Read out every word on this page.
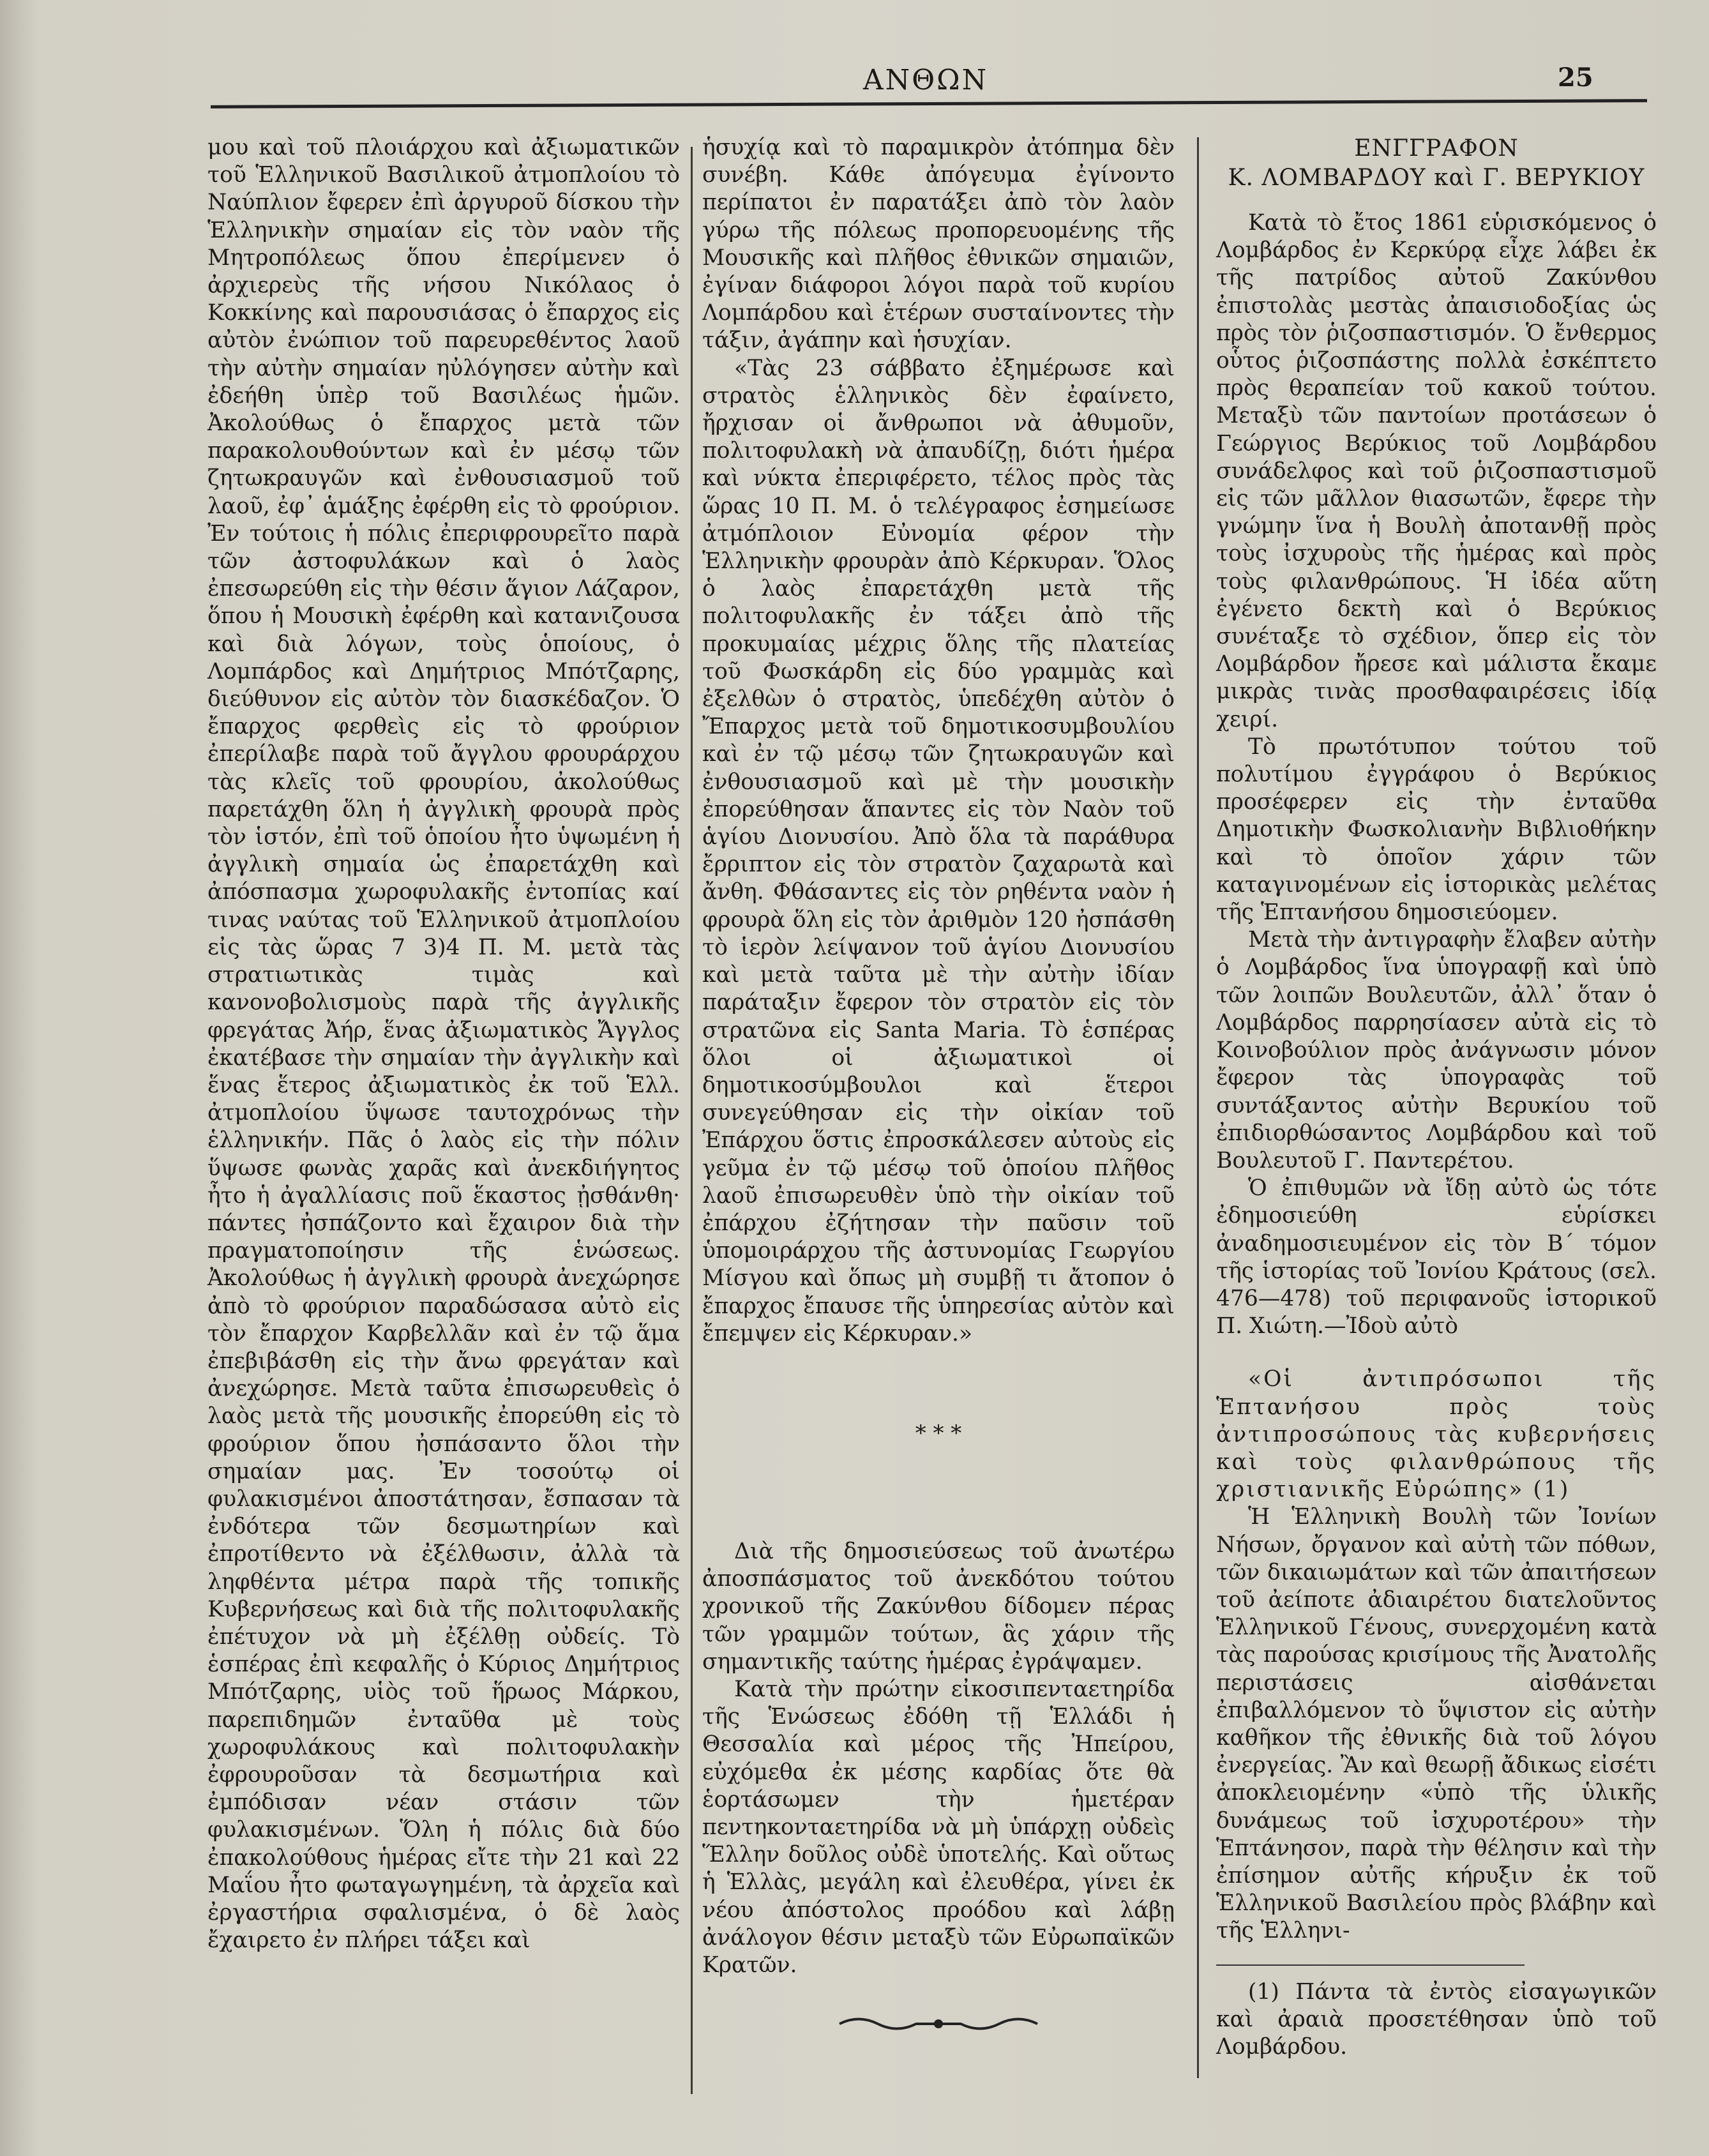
ΑΝΘΩΝ	25

μου καὶ τοῦ πλοιάρχου καὶ ἀξιωματικῶν τοῦ Ἑλληνικοῦ Βασιλικοῦ ἀτμοπλοίου τὸ Ναύπλιον ἔφερεν ἐπὶ ἀργυροῦ δίσκου τὴν Ἑλληνικὴν σημαίαν εἰς τὸν ναὸν τῆς Μητροπόλεως ὅπου ἐπερίμενεν ὁ ἀρχιερεὺς τῆς νήσου Νικόλαος ὁ Κοκκίνης καὶ παρουσιάσας ὁ ἔπαρχος εἰς αὐτὸν ἐνώπιον τοῦ παρευρεθέντος λαοῦ τὴν αὐτὴν σημαίαν ηὐλόγησεν αὐτὴν καὶ ἐδεήθη ὑπὲρ τοῦ Βασιλέως ἡμῶν. Ἀκολούθως ὁ ἔπαρχος μετὰ τῶν παρακολουθούντων καὶ ἐν μέσῳ τῶν ζητωκραυγῶν καὶ ἐνθουσιασμοῦ τοῦ λαοῦ, ἐφ᾽ ἁμάξης ἐφέρθη εἰς τὸ φρούριον. Ἐν τούτοις ἡ πόλις ἐπεριφρουρεῖτο παρὰ τῶν ἀστοφυλάκων καὶ ὁ λαὸς ἐπεσωρεύθη εἰς τὴν θέσιν ἅγιον Λάζαρον, ὅπου ἡ Μουσικὴ ἐφέρθη καὶ κατανιζουσα καὶ διὰ λόγων, τοὺς ὁποίους, ὁ Λομπάρδος καὶ Δημήτριος Μπότζαρης, διεύθυνον εἰς αὐτὸν τὸν διασκέδαζον. Ὁ ἔπαρχος φερθεὶς εἰς τὸ φρούριον ἐπερίλαβε παρὰ τοῦ ἄγγλου φρουράρχου τὰς κλεῖς τοῦ φρουρίου, ἀκολούθως παρετάχθη ὅλη ἡ ἀγγλικὴ φρουρὰ πρὸς τὸν ἱστόν, ἐπὶ τοῦ ὁποίου ἦτο ὑψωμένη ἡ ἀγγλικὴ σημαία ὡς ἐπαρετάχθη καὶ ἀπόσπασμα χωροφυλακῆς ἐντοπίας καί τινας ναύτας τοῦ Ἑλληνικοῦ ἀτμοπλοίου εἰς τὰς ὥρας 7 3)4 Π. Μ. μετὰ τὰς στρατιωτικὰς τιμὰς καὶ κανονοβολισμοὺς παρὰ τῆς ἀγγλικῆς φρεγάτας Ἀήρ, ἕνας ἀξιωματικὸς Ἄγγλος ἐκατέβασε τὴν σημαίαν τὴν ἀγγλικὴν καὶ ἕνας ἕτερος ἀξιωματικὸς ἐκ τοῦ Ἑλλ. ἀτμοπλοίου ὕψωσε ταυτοχρόνως τὴν ἑλληνικήν. Πᾶς ὁ λαὸς εἰς τὴν πόλιν ὕψωσε φωνὰς χαρᾶς καὶ ἀνεκδιήγητος ἦτο ἡ ἀγαλλίασις ποῦ ἕκαστος ᾐσθάνθη· πάντες ἠσπάζοντο καὶ ἔχαιρον διὰ τὴν πραγματοποίησιν τῆς ἑνώσεως. Ἀκολούθως ἡ ἀγγλικὴ φρουρὰ ἀνεχώρησε ἀπὸ τὸ φρούριον παραδώσασα αὐτὸ εἰς τὸν ἔπαρχον Καρβελλᾶν καὶ ἐν τῷ ἅμα ἐπεβιβάσθη εἰς τὴν ἄνω φρεγάταν καὶ ἀνεχώρησε. Μετὰ ταῦτα ἐπισωρευθεὶς ὁ λαὸς μετὰ τῆς μουσικῆς ἐπορεύθη εἰς τὸ φρούριον ὅπου ἠσπάσαντο ὅλοι τὴν σημαίαν μας. Ἐν τοσούτῳ οἱ φυλακισμένοι ἀποστάτησαν, ἔσπασαν τὰ ἐνδότερα τῶν δεσμωτηρίων καὶ ἐπροτίθεντο νὰ ἐξέλθωσιν, ἀλλὰ τὰ ληφθέντα μέτρα παρὰ τῆς τοπικῆς Κυβερνήσεως καὶ διὰ τῆς πολιτοφυλακῆς ἐπέτυχον νὰ μὴ ἐξέλθῃ οὐδείς. Τὸ ἑσπέρας ἐπὶ κεφαλῆς ὁ Κύριος Δημήτριος Μπότζαρης, υἱὸς τοῦ ἥρωος Μάρκου, παρεπιδημῶν ἐνταῦθα μὲ τοὺς χωροφυλάκους καὶ πολιτοφυλακὴν ἐφρουροῦσαν τὰ δεσμωτήρια καὶ ἐμπόδισαν νέαν στάσιν τῶν φυλακισμένων. Ὅλη ἡ πόλις διὰ δύο ἐπακολούθους ἡμέρας εἴτε τὴν 21 καὶ 22 Μαΐου ἦτο φωταγωγημένη, τὰ ἀρχεῖα καὶ ἐργαστήρια σφαλισμένα, ὁ δὲ λαὸς ἔχαιρετο ἐν πλήρει τάξει καὶ

ἡσυχίᾳ καὶ τὸ παραμικρὸν ἀτόπημα δὲν συνέβη. Κάθε ἀπόγευμα ἐγίνοντο περίπατοι ἐν παρατάξει ἀπὸ τὸν λαὸν γύρω τῆς πόλεως προπορευομένης τῆς Μουσικῆς καὶ πλῆθος ἐθνικῶν σημαιῶν, ἐγίναν διάφοροι λόγοι παρὰ τοῦ κυρίου Λομπάρδου καὶ ἑτέρων συσταίνοντες τὴν τάξιν, ἀγάπην καὶ ἡσυχίαν.

«Τὰς 23 σάββατο ἐξημέρωσε καὶ στρατὸς ἑλληνικὸς δὲν ἐφαίνετο, ἤρχισαν οἱ ἄνθρωποι νὰ ἀθυμοῦν, πολιτοφυλακὴ νὰ ἀπαυδίζῃ, διότι ἡμέρα καὶ νύκτα ἐπεριφέρετο, τέλος πρὸς τὰς ὥρας 10 Π. Μ. ὁ τελέγραφος ἐσημείωσε ἀτμόπλοιον Εὐνομία φέρον τὴν Ἑλληνικὴν φρουρὰν ἀπὸ Κέρκυραν. Ὅλος ὁ λαὸς ἐπαρετάχθη μετὰ τῆς πολιτοφυλακῆς ἐν τάξει ἀπὸ τῆς προκυμαίας μέχρις ὅλης τῆς πλατείας τοῦ Φωσκάρδη εἰς δύο γραμμὰς καὶ ἐξελθὼν ὁ στρατὸς, ὑπεδέχθη αὐτὸν ὁ Ἔπαρχος μετὰ τοῦ δημοτικοσυμβουλίου καὶ ἐν τῷ μέσῳ τῶν ζητωκραυγῶν καὶ ἐνθουσιασμοῦ καὶ μὲ τὴν μουσικὴν ἐπορεύθησαν ἅπαντες εἰς τὸν Ναὸν τοῦ ἁγίου Διονυσίου. Ἀπὸ ὅλα τὰ παράθυρα ἔρριπτον εἰς τὸν στρατὸν ζαχαρωτὰ καὶ ἄνθη. Φθάσαντες εἰς τὸν ρηθέντα ναὸν ἡ φρουρὰ ὅλη εἰς τὸν ἀριθμὸν 120 ἠσπάσθη τὸ ἱερὸν λείψανον τοῦ ἁγίου Διονυσίου καὶ μετὰ ταῦτα μὲ τὴν αὐτὴν ἰδίαν παράταξιν ἔφερον τὸν στρατὸν εἰς τὸν στρατῶνα εἰς Santa Maria. Τὸ ἑσπέρας ὅλοι οἱ ἀξιωματικοὶ οἱ δημοτικοσύμβουλοι καὶ ἕτεροι συνεγεύθησαν εἰς τὴν οἰκίαν τοῦ Ἐπάρχου ὅστις ἐπροσκάλεσεν αὐτοὺς εἰς γεῦμα ἐν τῷ μέσῳ τοῦ ὁποίου πλῆθος λαοῦ ἐπισωρευθὲν ὑπὸ τὴν οἰκίαν τοῦ ἐπάρχου ἐζήτησαν τὴν παῦσιν τοῦ ὑπομοιράρχου τῆς ἀστυνομίας Γεωργίου Μίσγου καὶ ὅπως μὴ συμβῇ τι ἄτοπον ὁ ἔπαρχος ἔπαυσε τῆς ὑπηρεσίας αὐτὸν καὶ ἔπεμψεν εἰς Κέρκυραν.»

* * *

Διὰ τῆς δημοσιεύσεως τοῦ ἀνωτέρω ἀποσπάσματος τοῦ ἀνεκδότου τούτου χρονικοῦ τῆς Ζακύνθου δίδομεν πέρας τῶν γραμμῶν τούτων, ἃς χάριν τῆς σημαντικῆς ταύτης ἡμέρας ἐγράψαμεν.

Κατὰ τὴν πρώτην εἰκοσιπενταετηρίδα τῆς Ἑνώσεως ἐδόθη τῇ Ἑλλάδι ἡ Θεσσαλία καὶ μέρος τῆς Ἠπείρου, εὐχόμεθα ἐκ μέσης καρδίας ὅτε θὰ ἑορτάσωμεν τὴν ἡμετέραν πεντηκονταετηρίδα νὰ μὴ ὑπάρχῃ οὐδεὶς Ἕλλην δοῦλος οὐδὲ ὑποτελής. Καὶ οὕτως ἡ Ἑλλὰς, μεγάλη καὶ ἐλευθέρα, γίνει ἐκ νέου ἀπόστολος προόδου καὶ λάβῃ ἀνάλογον θέσιν μεταξὺ τῶν Εὐρωπαϊκῶν Κρατῶν.

ΕΝΓΓΡΑΦΟΝ
Κ. ΛΟΜΒΑΡΔΟΥ καὶ Γ. ΒΕΡΥΚΙΟΥ

Κατὰ τὸ ἔτος 1861 εὑρισκόμενος ὁ Λομβάρδος ἐν Κερκύρᾳ εἶχε λάβει ἐκ τῆς πατρίδος αὐτοῦ Ζακύνθου ἐπιστολὰς μεστὰς ἀπαισιοδοξίας ὡς πρὸς τὸν ῥιζοσπαστισμόν. Ὁ ἔνθερμος οὗτος ῥιζοσπάστης πολλὰ ἐσκέπτετο πρὸς θεραπείαν τοῦ κακοῦ τούτου. Μεταξὺ τῶν παντοίων προτάσεων ὁ Γεώργιος Βερύκιος τοῦ Λομβάρδου συνάδελφος καὶ τοῦ ῥιζοσπαστισμοῦ εἰς τῶν μᾶλλον θιασωτῶν, ἔφερε τὴν γνώμην ἵνα ἡ Βουλὴ ἀποτανθῇ πρὸς τοὺς ἰσχυροὺς τῆς ἡμέρας καὶ πρὸς τοὺς φιλανθρώπους. Ἡ ἰδέα αὕτη ἐγένετο δεκτὴ καὶ ὁ Βερύκιος συνέταξε τὸ σχέδιον, ὅπερ εἰς τὸν Λομβάρδον ἤρεσε καὶ μάλιστα ἔκαμε μικρὰς τινὰς προσθαφαιρέσεις ἰδίᾳ χειρί.

Τὸ πρωτότυπον τούτου τοῦ πολυτίμου ἐγγράφου ὁ Βερύκιος προσέφερεν εἰς τὴν ἐνταῦθα Δημοτικὴν Φωσκολιανὴν Βιβλιοθήκην καὶ τὸ ὁποῖον χάριν τῶν καταγινομένων εἰς ἱστορικὰς μελέτας τῆς Ἑπτανήσου δημοσιεύομεν.

Μετὰ τὴν ἀντιγραφὴν ἔλαβεν αὐτὴν ὁ Λομβάρδος ἵνα ὑπογραφῇ καὶ ὑπὸ τῶν λοιπῶν Βουλευτῶν, ἀλλ᾽ ὅταν ὁ Λομβάρδος παρρησίασεν αὐτὰ εἰς τὸ Κοινοβούλιον πρὸς ἀνάγνωσιν μόνον ἔφερον τὰς ὑπογραφὰς τοῦ συντάξαντος αὐτὴν Βερυκίου τοῦ ἐπιδιορθώσαντος Λομβάρδου καὶ τοῦ Βουλευτοῦ Γ. Παντερέτου.

Ὁ ἐπιθυμῶν νὰ ἴδῃ αὐτὸ ὡς τότε ἐδημοσιεύθη εὑρίσκει ἀναδημοσιευμένον εἰς τὸν Β´ τόμον τῆς ἱστορίας τοῦ Ἰονίου Κράτους (σελ. 476—478) τοῦ περιφανοῦς ἱστορικοῦ Π. Χιώτη.—Ἰδοὺ αὐτὸ

«Οἱ ἀντιπρόσωποι τῆς Ἑπτανήσου πρὸς τοὺς ἀντιπροσώπους τὰς κυβερνήσεις καὶ τοὺς φιλανθρώπους τῆς χριστιανικῆς Εὐρώπης» (1)

Ἡ Ἑλληνικὴ Βουλὴ τῶν Ἰονίων Νήσων, ὄργανον καὶ αὐτὴ τῶν πόθων, τῶν δικαιωμάτων καὶ τῶν ἀπαιτήσεων τοῦ ἀείποτε ἀδιαιρέτου διατελοῦντος Ἑλληνικοῦ Γένους, συνερχομένη κατὰ τὰς παρούσας κρισίμους τῆς Ἀνατολῆς περιστάσεις αἰσθάνεται ἐπιβαλλόμενον τὸ ὕψιστον εἰς αὐτὴν καθῆκον τῆς ἐθνικῆς διὰ τοῦ λόγου ἐνεργείας. Ἂν καὶ θεωρῇ ἄδικως εἰσέτι ἀποκλειομένην «ὑπὸ τῆς ὑλικῆς δυνάμεως τοῦ ἰσχυροτέρου» τὴν Ἑπτάνησον, παρὰ τὴν θέλησιν καὶ τὴν ἐπίσημον αὐτῆς κήρυξιν ἐκ τοῦ Ἑλληνικοῦ Βασιλείου πρὸς βλάβην καὶ τῆς Ἑλληνι-

(1) Πάντα τὰ ἐντὸς εἰσαγωγικῶν καὶ ἀραιὰ προσετέθησαν ὑπὸ τοῦ Λομβάρδου.
